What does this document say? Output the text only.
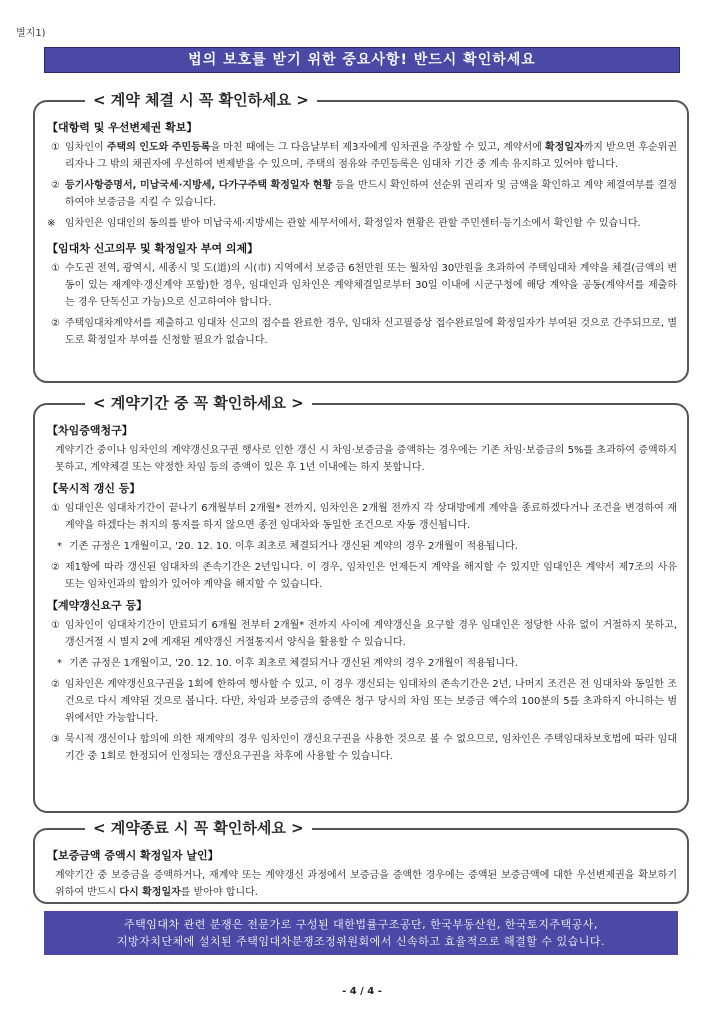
별지1)
법의 보호를 받기 위한 중요사항! 반드시 확인하세요
< 계약 체결 시 꼭 확인하세요 >
【대항력 및 우선변제권 확보】
① 임차인이 주택의 인도와 주민등록을 마친 때에는 그 다음날부터 제3자에게 임차권을 주장할 수 있고, 계약서에 확정일자까지 받으면 후순위권리자나 그 밖의 채권자에 우선하여 변제받을 수 있으며, 주택의 점유와 주민등록은 임대차 기간 중 계속 유지하고 있어야 합니다.
② 등기사항증명서, 미납국세·지방세, 다가구주택 확정일자 현황 등을 반드시 확인하여 선순위 권리자 및 금액을 확인하고 계약 체결여부를 결정하여야 보증금을 지킬 수 있습니다.
※ 임차인은 임대인의 동의를 받아 미납국세·지방세는 관할 세무서에서, 확정일자 현황은 관할 주민센터·등기소에서 확인할 수 있습니다.
【임대차 신고의무 및 확정일자 부여 의제】
① 수도권 전역, 광역시, 세종시 및 도(道)의 시(市) 지역에서 보증금 6천만원 또는 월차임 30만원을 초과하여 주택임대차 계약을 체결(금액의 변동이 있는 재계약·갱신계약 포함)한 경우, 임대인과 임차인은 계약체결일로부터 30일 이내에 시군구청에 해당 계약을 공동(계약서를 제출하는 경우 단독신고 가능)으로 신고하여야 합니다.
② 주택임대차계약서를 제출하고 임대차 신고의 접수를 완료한 경우, 임대차 신고필증상 접수완료일에 확정일자가 부여된 것으로 간주되므로, 별도로 확정일자 부여를 신청할 필요가 없습니다.
< 계약기간 중 꼭 확인하세요 >
【차임증액청구】
계약기간 중이나 임차인의 계약갱신요구권 행사로 인한 갱신 시 차임·보증금을 증액하는 경우에는 기존 차임·보증금의 5%를 초과하여 증액하지 못하고, 계약체결 또는 약정한 차임 등의 증액이 있은 후 1년 이내에는 하지 못합니다.
【묵시적 갱신 등】
① 임대인은 임대차기간이 끝나기 6개월부터 2개월* 전까지, 임차인은 2개월 전까지 각 상대방에게 계약을 종료하겠다거나 조건을 변경하여 재계약을 하겠다는 취지의 통지를 하지 않으면 종전 임대차와 동일한 조건으로 자동 갱신됩니다.
* 기존 규정은 1개월이고, '20. 12. 10. 이후 최초로 체결되거나 갱신된 계약의 경우 2개월이 적용됩니다.
② 제1항에 따라 갱신된 임대차의 존속기간은 2년입니다. 이 경우, 임차인은 언제든지 계약을 해지할 수 있지만 임대인은 계약서 제7조의 사유 또는 임차인과의 합의가 있어야 계약을 해지할 수 있습니다.
【계약갱신요구 등】
① 임차인이 임대차기간이 만료되기 6개월 전부터 2개월* 전까지 사이에 계약갱신을 요구할 경우 임대인은 정당한 사유 없이 거절하지 못하고, 갱신거절 시 별지 2에 게재된 계약갱신 거절통지서 양식을 활용할 수 있습니다.
* 기존 규정은 1개월이고, '20. 12. 10. 이후 최초로 체결되거나 갱신된 계약의 경우 2개월이 적용됩니다.
② 임차인은 계약갱신요구권을 1회에 한하여 행사할 수 있고, 이 경우 갱신되는 임대차의 존속기간은 2년, 나머지 조건은 전 임대차와 동일한 조건으로 다시 계약된 것으로 봅니다. 다만, 차임과 보증금의 증액은 청구 당시의 차임 또는 보증금 액수의 100분의 5를 초과하지 아니하는 범위에서만 가능합니다.
③ 묵시적 갱신이나 합의에 의한 재계약의 경우 임차인이 갱신요구권을 사용한 것으로 볼 수 없으므로, 임차인은 주택임대차보호법에 따라 임대기간 중 1회로 한정되어 인정되는 갱신요구권을 차후에 사용할 수 있습니다.
< 계약종료 시 꼭 확인하세요 >
【보증금액 증액시 확정일자 날인】
계약기간 중 보증금을 증액하거나, 재계약 또는 계약갱신 과정에서 보증금을 증액한 경우에는 증액된 보증금액에 대한 우선변제권을 확보하기 위하여 반드시 다시 확정일자를 받아야 합니다.
주택임대차 관련 분쟁은 전문가로 구성된 대한법률구조공단, 한국부동산원, 한국토지주택공사,
지방자치단체에 설치된 주택임대차분쟁조정위원회에서 신속하고 효율적으로 해결할 수 있습니다.
- 4 / 4 -
